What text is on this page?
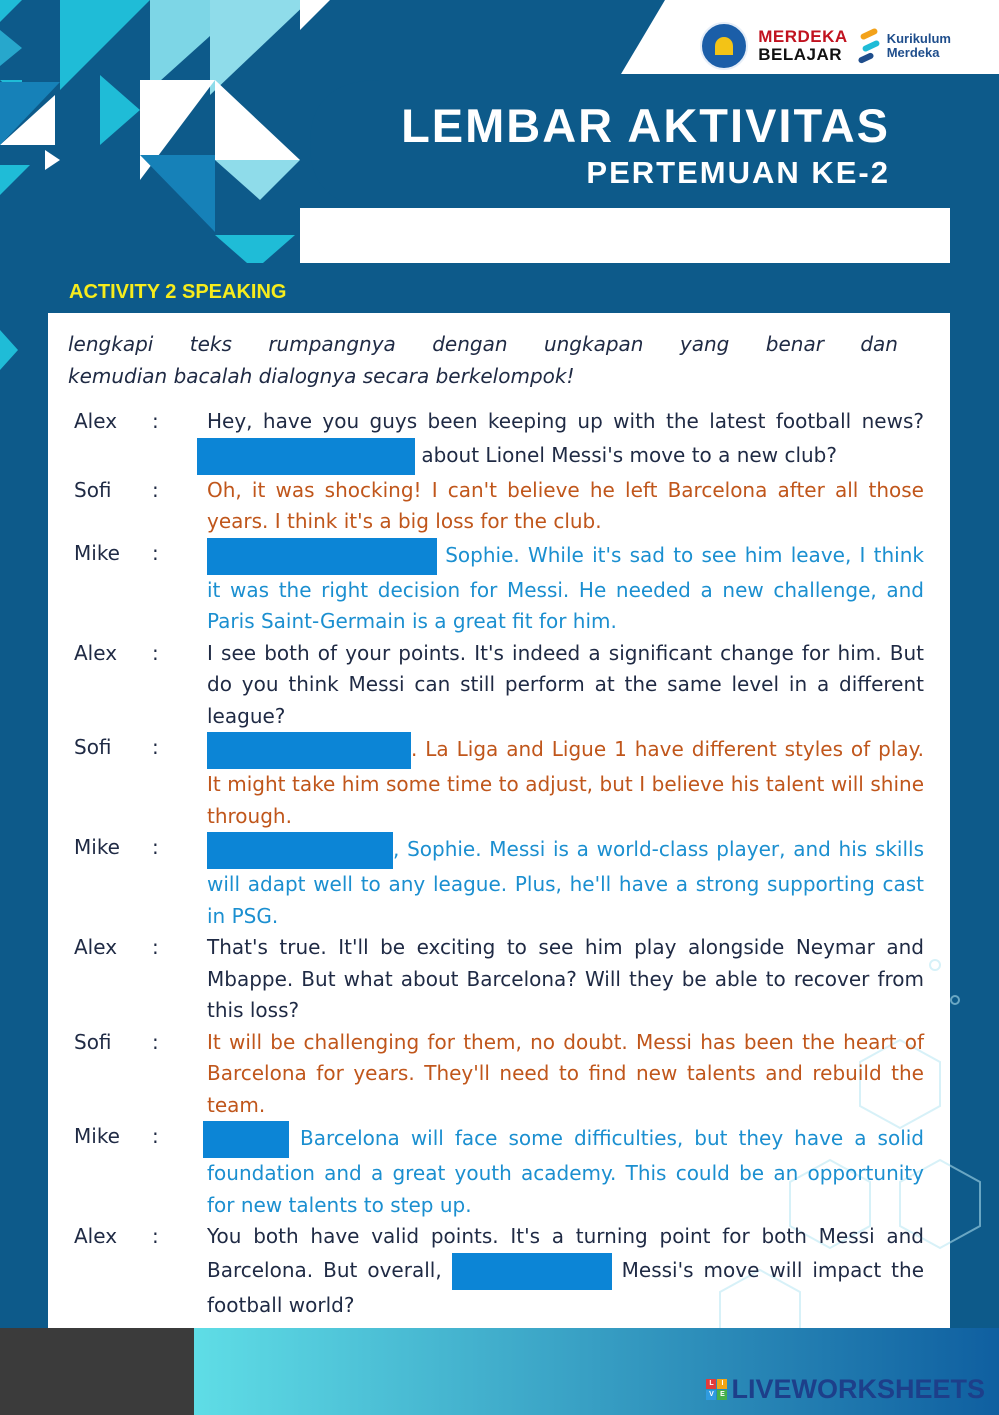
MERDEKA
BELAJAR
Kurikulum
Merdeka
LEMBAR AKTIVITAS
PERTEMUAN KE-2
ACTIVITY 2 SPEAKING

lengkapi teks rumpangnya dengan ungkapan yang benar dan
kemudian bacalah dialognya secara berkelompok!

Alex	:	Hey, have you guys been keeping up with the latest football news?  about Lionel Messi's move to a new club?
Sofi	:	Oh, it was shocking! I can't believe he left Barcelona after all those years. I think it's a big loss for the club.
Mike	:	Sophie. While it's sad to see him leave, I think it was the right decision for Messi. He needed a new challenge, and Paris Saint-Germain is a great fit for him.
Alex	:	I see both of your points. It's indeed a significant change for him. But do you think Messi can still perform at the same level in a different league?
Sofi	:	. La Liga and Ligue 1 have different styles of play. It might take him some time to adjust, but I believe his talent will shine through.
Mike	:	, Sophie. Messi is a world-class player, and his skills will adapt well to any league. Plus, he'll have a strong supporting cast in PSG.
Alex	:	That's true. It'll be exciting to see him play alongside Neymar and Mbappe. But what about Barcelona? Will they be able to recover from this loss?
Sofi	:	It will be challenging for them, no doubt. Messi has been the heart of Barcelona for years. They'll need to find new talents and rebuild the team.
Mike	:	Barcelona will face some difficulties, but they have a solid foundation and a great youth academy. This could be an opportunity for new talents to step up.
Alex	:	You both have valid points. It's a turning point for both Messi and Barcelona. But overall,	Messi's move will impact the football world?
L	I
V E LIVEWORKSHEETS
